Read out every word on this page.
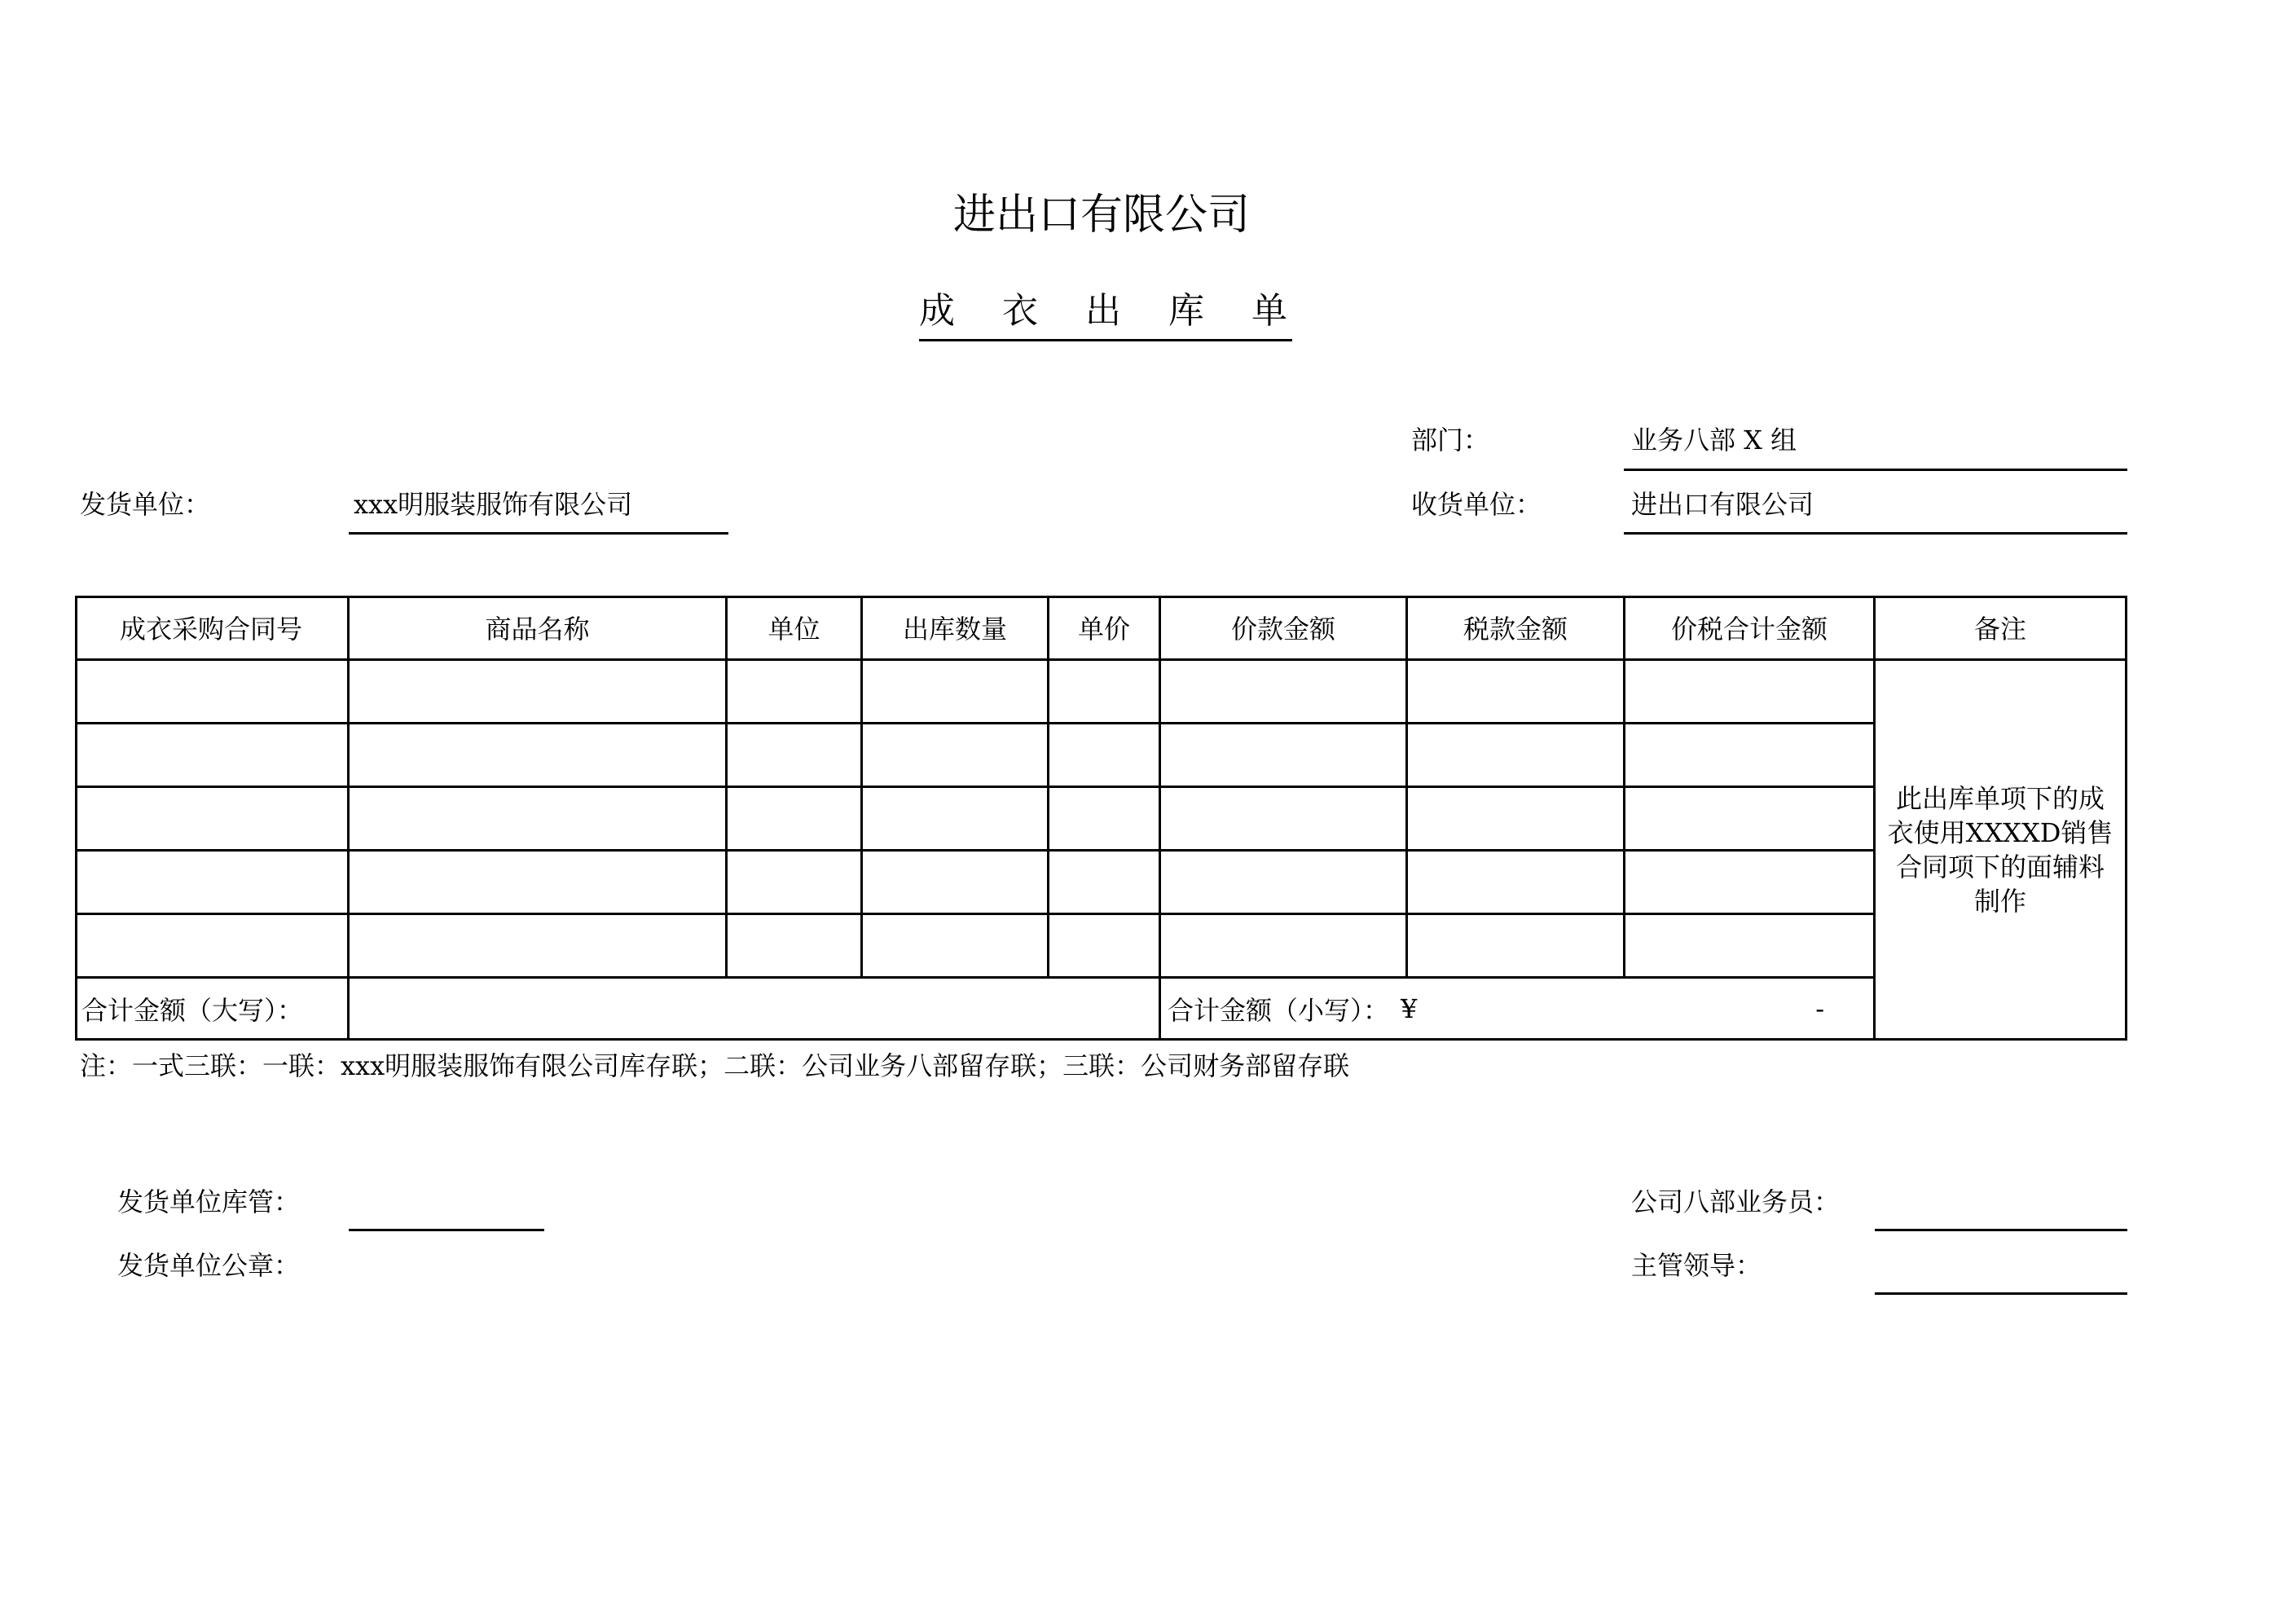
进出口有限公司
成 衣 出 库 单
部门：	业务八部 X 组
发货单位：	xxx明服装服饰有限公司	收货单位：	进出口有限公司
成衣采购合同号	商品名称	单位	出库数量	单价	价款金额	税款金额	价税合计金额	备注
此出库单项下的成衣使用XXXXD销售合同项下的面辅料制作
合计金额（大写）：	合计金额（小写）： ¥	-
注：一式三联：一联：xxx明服装服饰有限公司库存联；二联：公司业务八部留存联；三联：公司财务部留存联
发货单位库管：
发货单位公章：
公司八部业务员：
主管领导：
